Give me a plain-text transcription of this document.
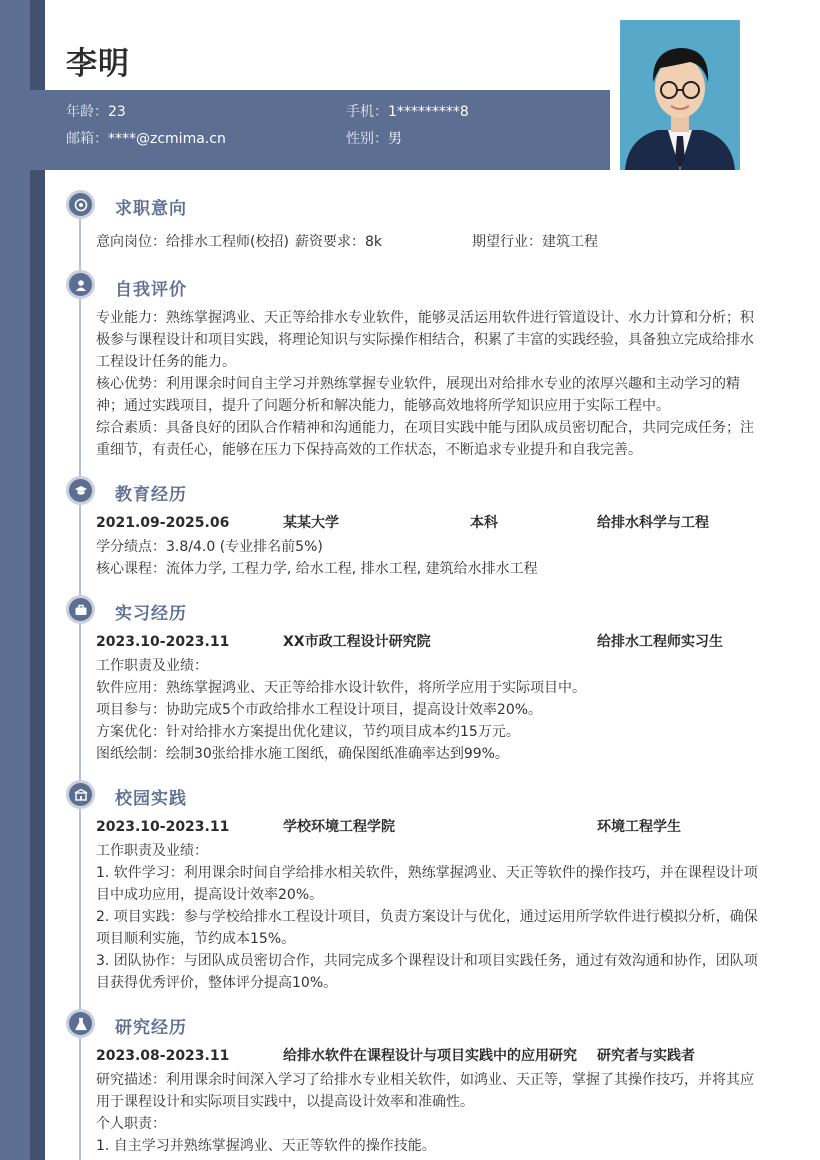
李明
年龄：23	手机：1*********8
邮箱：****@zcmima.cn	性别：男
求职意向
意向岗位：给排水工程师(校招) 薪资要求：8k	期望行业：建筑工程
自我评价
专业能力：熟练掌握鸿业、天正等给排水专业软件，能够灵活运用软件进行管道设计、水力计算和分析；积极参与课程设计和项目实践，将理论知识与实际操作相结合，积累了丰富的实践经验，具备独立完成给排水工程设计任务的能力。
核心优势：利用课余时间自主学习并熟练掌握专业软件，展现出对给排水专业的浓厚兴趣和主动学习的精神；通过实践项目，提升了问题分析和解决能力，能够高效地将所学知识应用于实际工程中。
综合素质：具备良好的团队合作精神和沟通能力，在项目实践中能与团队成员密切配合，共同完成任务；注重细节，有责任心，能够在压力下保持高效的工作状态，不断追求专业提升和自我完善。
教育经历
2021.09-2025.06	某某大学	本科	给排水科学与工程
学分绩点：3.8/4.0 (专业排名前5%)
核心课程：流体力学, 工程力学, 给水工程, 排水工程, 建筑给水排水工程
实习经历
2023.10-2023.11	XX市政工程设计研究院	给排水工程师实习生
工作职责及业绩：
软件应用：熟练掌握鸿业、天正等给排水设计软件，将所学应用于实际项目中。
项目参与：协助完成5个市政给排水工程设计项目，提高设计效率20%。
方案优化：针对给排水方案提出优化建议，节约项目成本约15万元。
图纸绘制：绘制30张给排水施工图纸，确保图纸准确率达到99%。
校园实践
2023.10-2023.11	学校环境工程学院	环境工程学生
工作职责及业绩：
1. 软件学习：利用课余时间自学给排水相关软件，熟练掌握鸿业、天正等软件的操作技巧，并在课程设计项目中成功应用，提高设计效率20%。
2. 项目实践：参与学校给排水工程设计项目，负责方案设计与优化，通过运用所学软件进行模拟分析，确保项目顺利实施，节约成本15%。
3. 团队协作：与团队成员密切合作，共同完成多个课程设计和项目实践任务，通过有效沟通和协作，团队项目获得优秀评价，整体评分提高10%。
研究经历
2023.08-2023.11	给排水软件在课程设计与项目实践中的应用研究 研究者与实践者
研究描述：利用课余时间深入学习了给排水专业相关软件，如鸿业、天正等，掌握了其操作技巧，并将其应用于课程设计和实际项目实践中，以提高设计效率和准确性。
个人职责：
1. 自主学习并熟练掌握鸿业、天正等软件的操作技能。
